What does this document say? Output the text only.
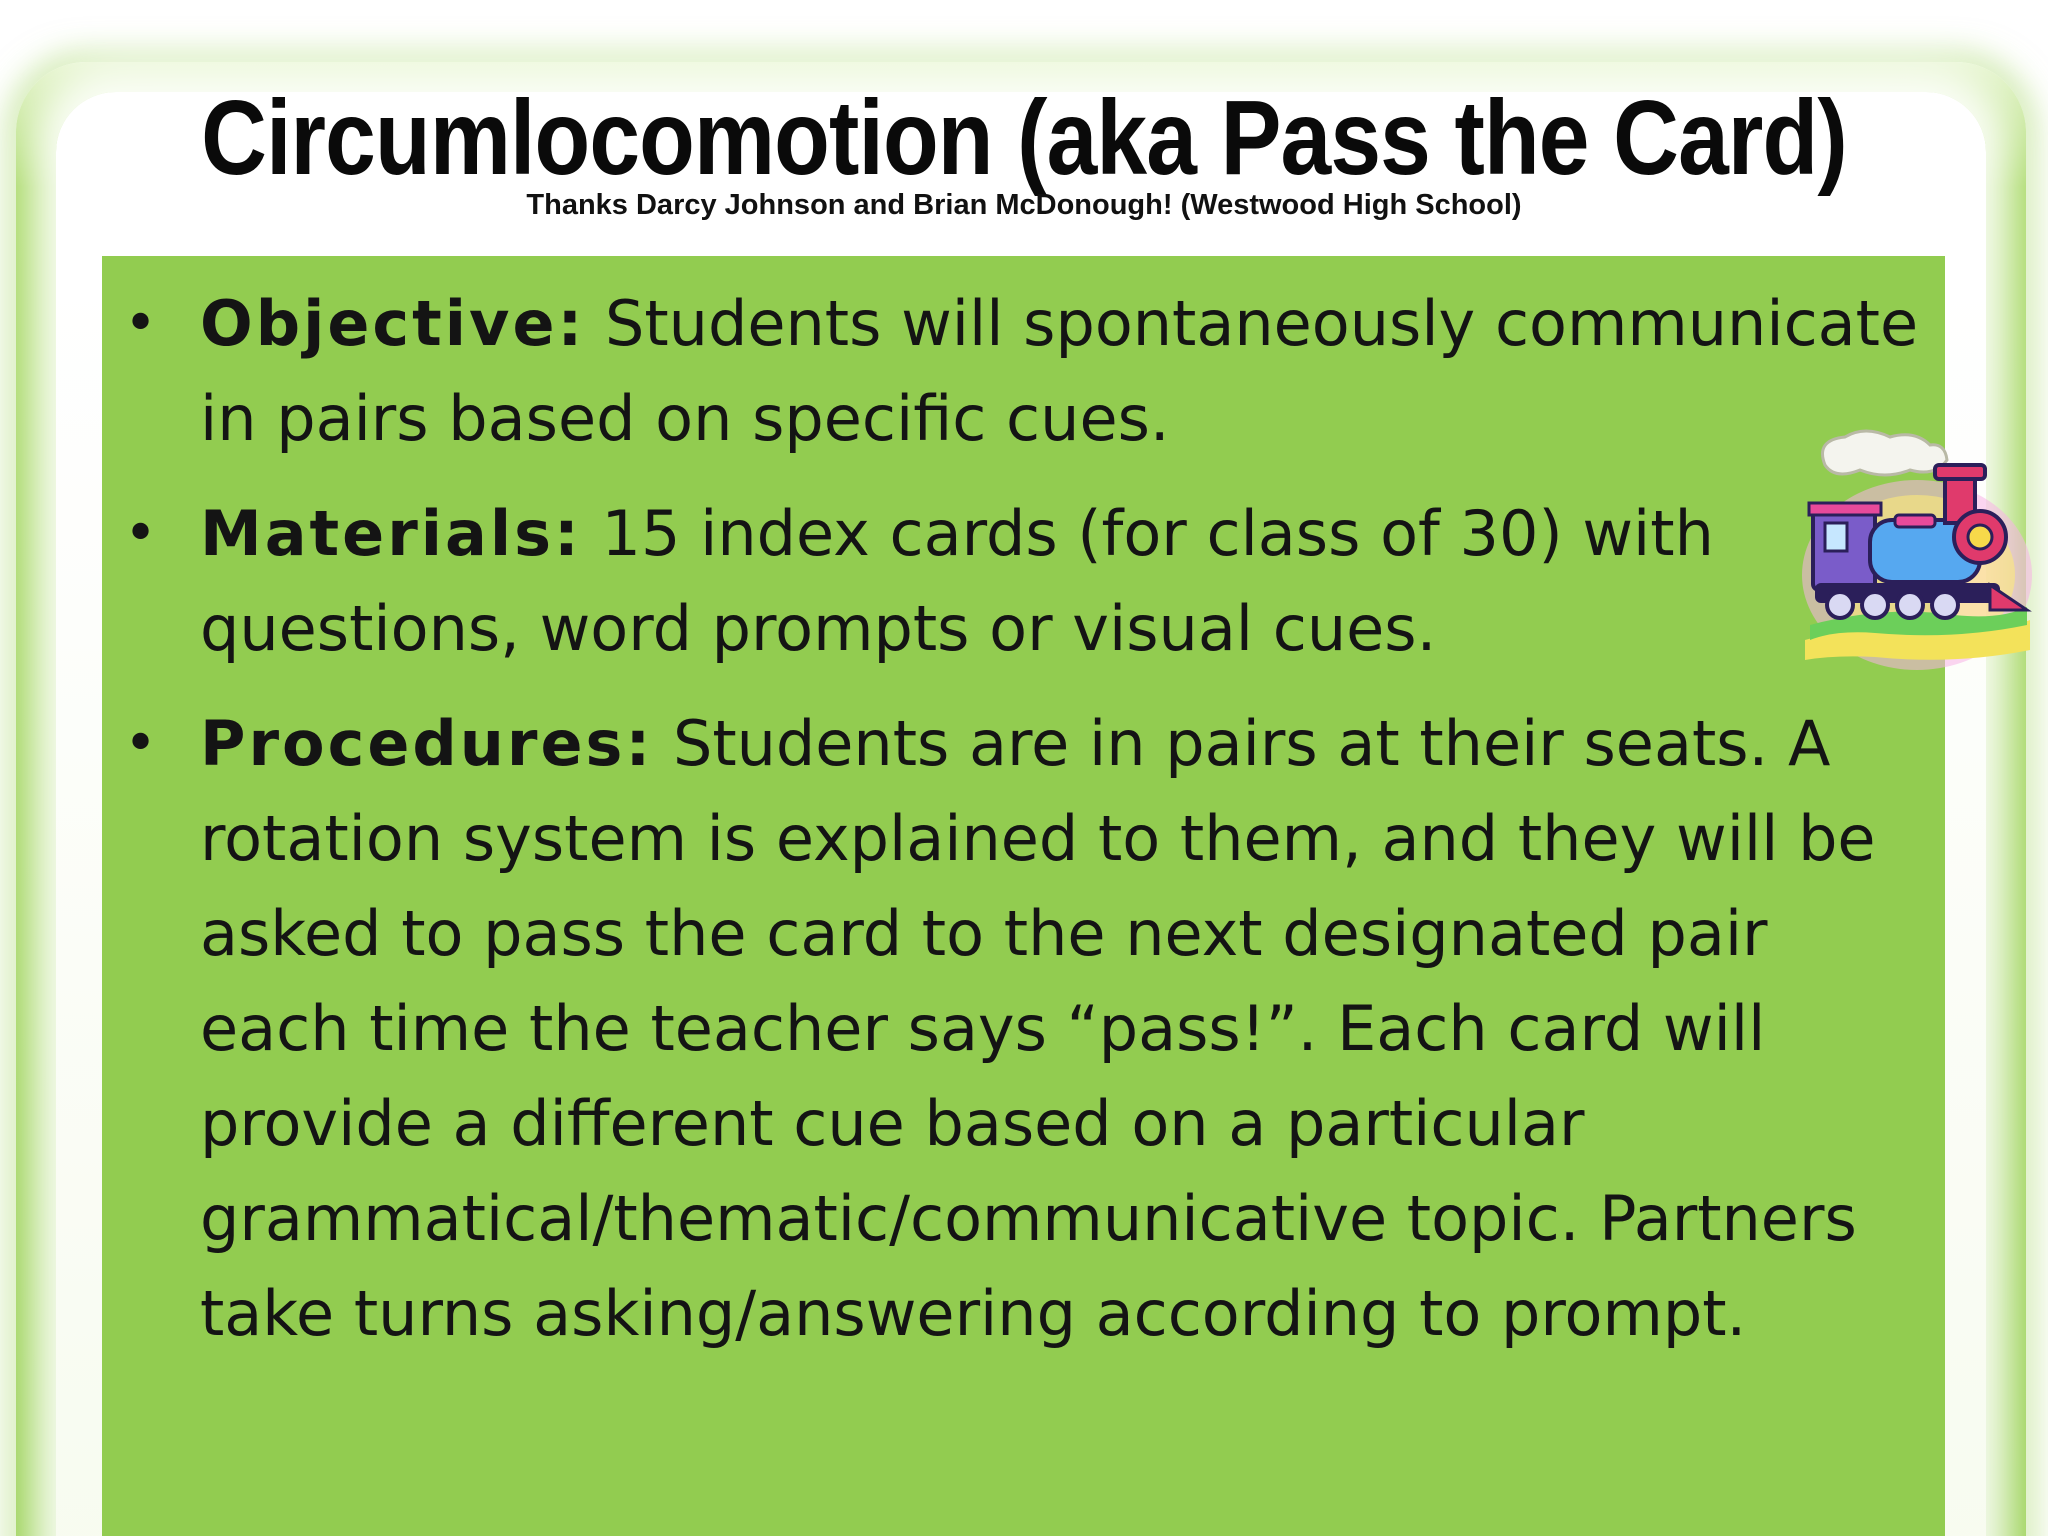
Circumlocomotion (aka Pass the Card)
Thanks Darcy Johnson and Brian McDonough! (Westwood High School)
• Objective: Students will spontaneously communicate in pairs based on specific cues.
• Materials: 15 index cards (for class of 30) with questions, word prompts or visual cues.
• Procedures: Students are in pairs at their seats. A rotation system is explained to them, and they will be asked to pass the card to the next designated pair each time the teacher says “pass!”. Each card will provide a different cue based on a particular grammatical/thematic/communicative topic. Partners take turns asking/answering according to prompt.
